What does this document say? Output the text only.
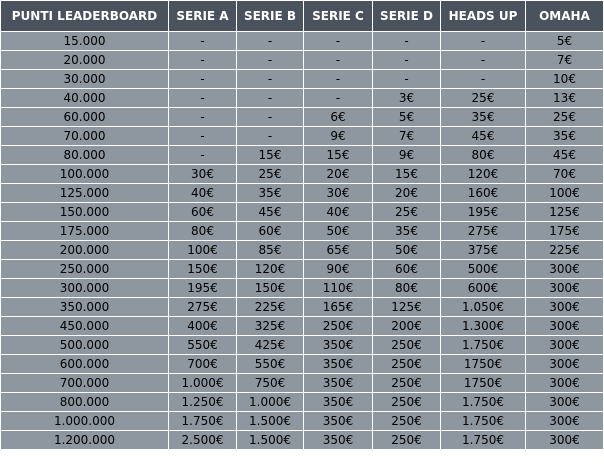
PUNTI LEADERBOARD	SERIE A	SERIE B	SERIE C	SERIE D	HEADS UP	OMAHA
15.000	-	-	-	-	-	5€
20.000	-	-	-	-	-	7€
30.000	-	-	-	-	-	10€
40.000	-	-	-	3€	25€	13€
60.000	-	-	6€	5€	35€	25€
70.000	-	-	9€	7€	45€	35€
80.000	-	15€	15€	9€	80€	45€
100.000	30€	25€	20€	15€	120€	70€
125.000	40€	35€	30€	20€	160€	100€
150.000	60€	45€	40€	25€	195€	125€
175.000	80€	60€	50€	35€	275€	175€
200.000	100€	85€	65€	50€	375€	225€
250.000	150€	120€	90€	60€	500€	300€
300.000	195€	150€	110€	80€	600€	300€
350.000	275€	225€	165€	125€	1.050€	300€
450.000	400€	325€	250€	200€	1.300€	300€
500.000	550€	425€	350€	250€	1.750€	300€
600.000	700€	550€	350€	250€	1750€	300€
700.000	1.000€	750€	350€	250€	1750€	300€
800.000	1.250€	1.000€	350€	250€	1.750€	300€
1.000.000	1.750€	1.500€	350€	250€	1.750€	300€
1.200.000	2.500€	1.500€	350€	250€	1.750€	300€
